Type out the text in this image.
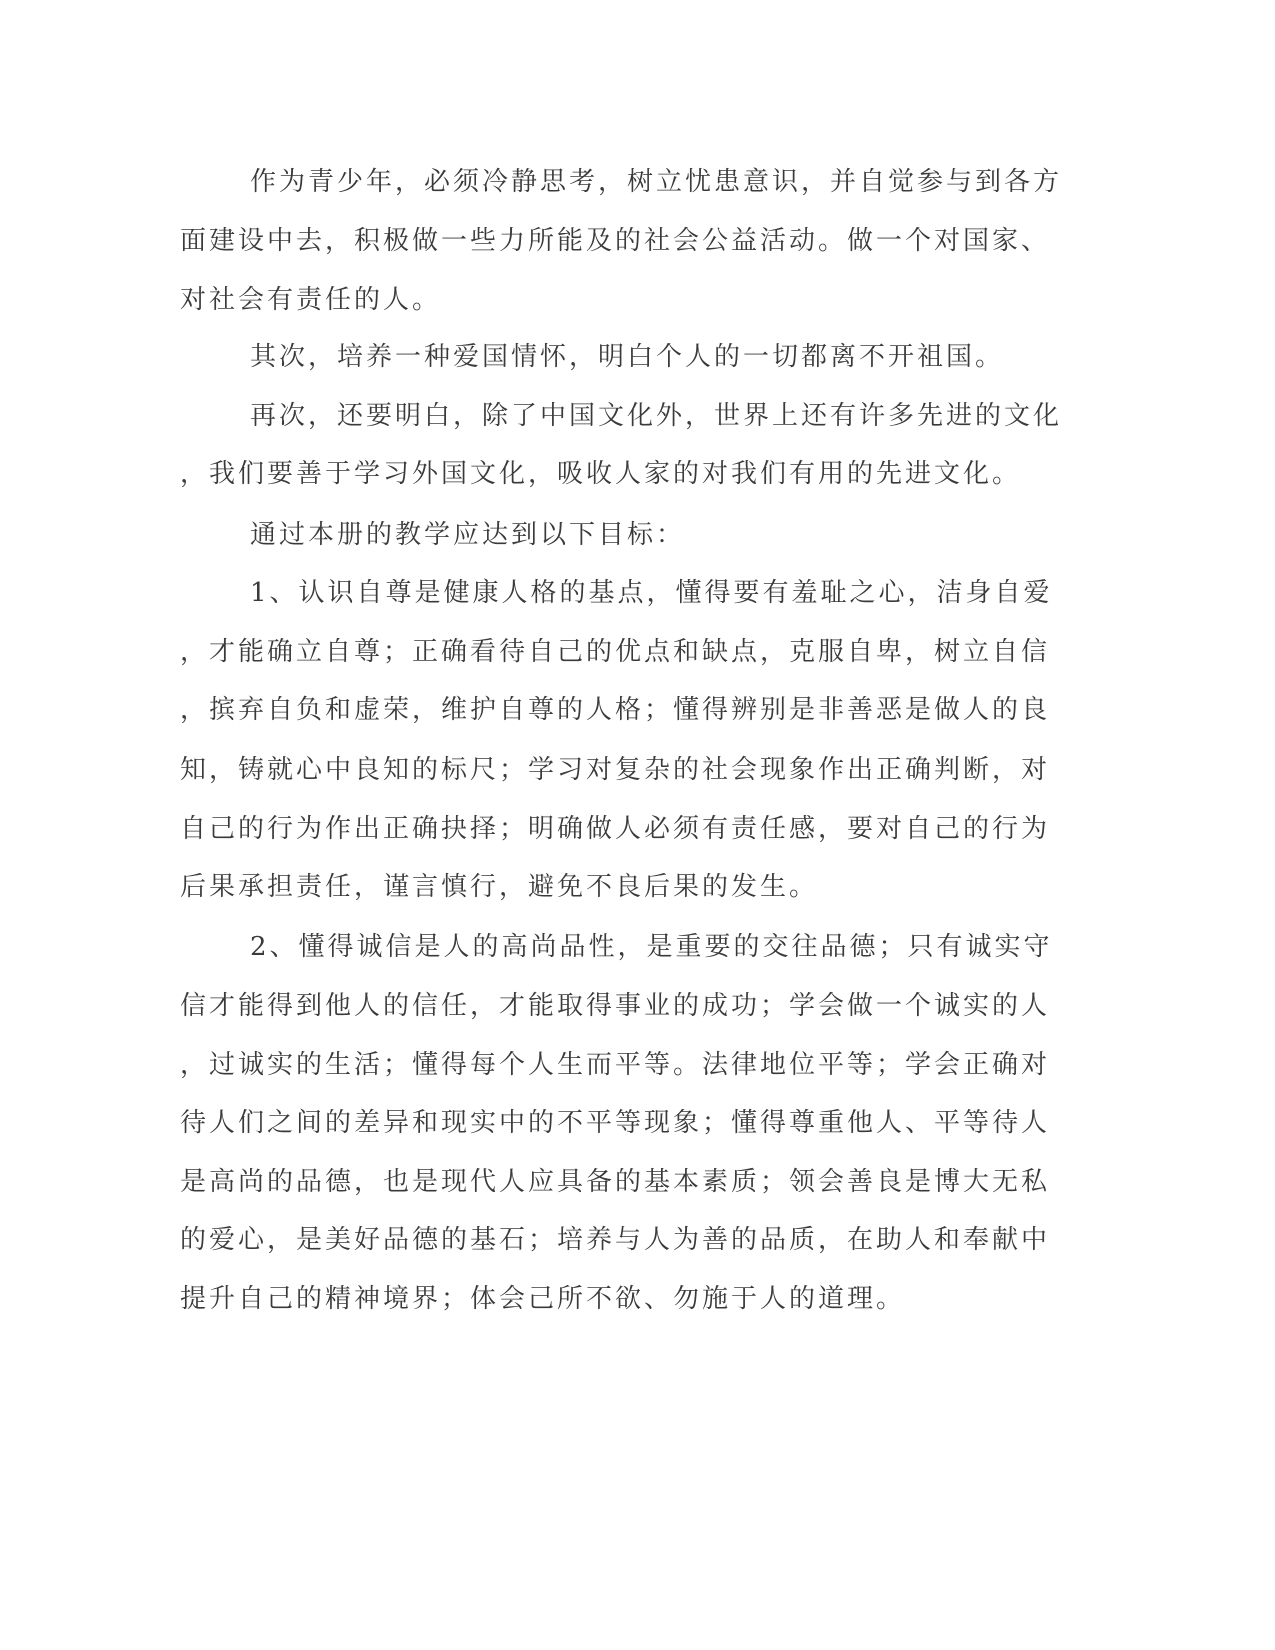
作为青少年，必须冷静思考，树立忧患意识，并自觉参与到各方
面建设中去，积极做一些力所能及的社会公益活动。做一个对国家、
对社会有责任的人。
其次，培养一种爱国情怀，明白个人的一切都离不开祖国。
再次，还要明白，除了中国文化外，世界上还有许多先进的文化
，我们要善于学习外国文化，吸收人家的对我们有用的先进文化。
通过本册的教学应达到以下目标：
1、认识自尊是健康人格的基点，懂得要有羞耻之心，洁身自爱
，才能确立自尊；正确看待自己的优点和缺点，克服自卑，树立自信
，摈弃自负和虚荣，维护自尊的人格；懂得辨别是非善恶是做人的良
知，铸就心中良知的标尺；学习对复杂的社会现象作出正确判断，对
自己的行为作出正确抉择；明确做人必须有责任感，要对自己的行为
后果承担责任，谨言慎行，避免不良后果的发生。
2、懂得诚信是人的高尚品性，是重要的交往品德；只有诚实守
信才能得到他人的信任，才能取得事业的成功；学会做一个诚实的人
，过诚实的生活；懂得每个人生而平等。法律地位平等；学会正确对
待人们之间的差异和现实中的不平等现象；懂得尊重他人、平等待人
是高尚的品德，也是现代人应具备的基本素质；领会善良是博大无私
的爱心，是美好品德的基石；培养与人为善的品质，在助人和奉献中
提升自己的精神境界；体会己所不欲、勿施于人的道理。
